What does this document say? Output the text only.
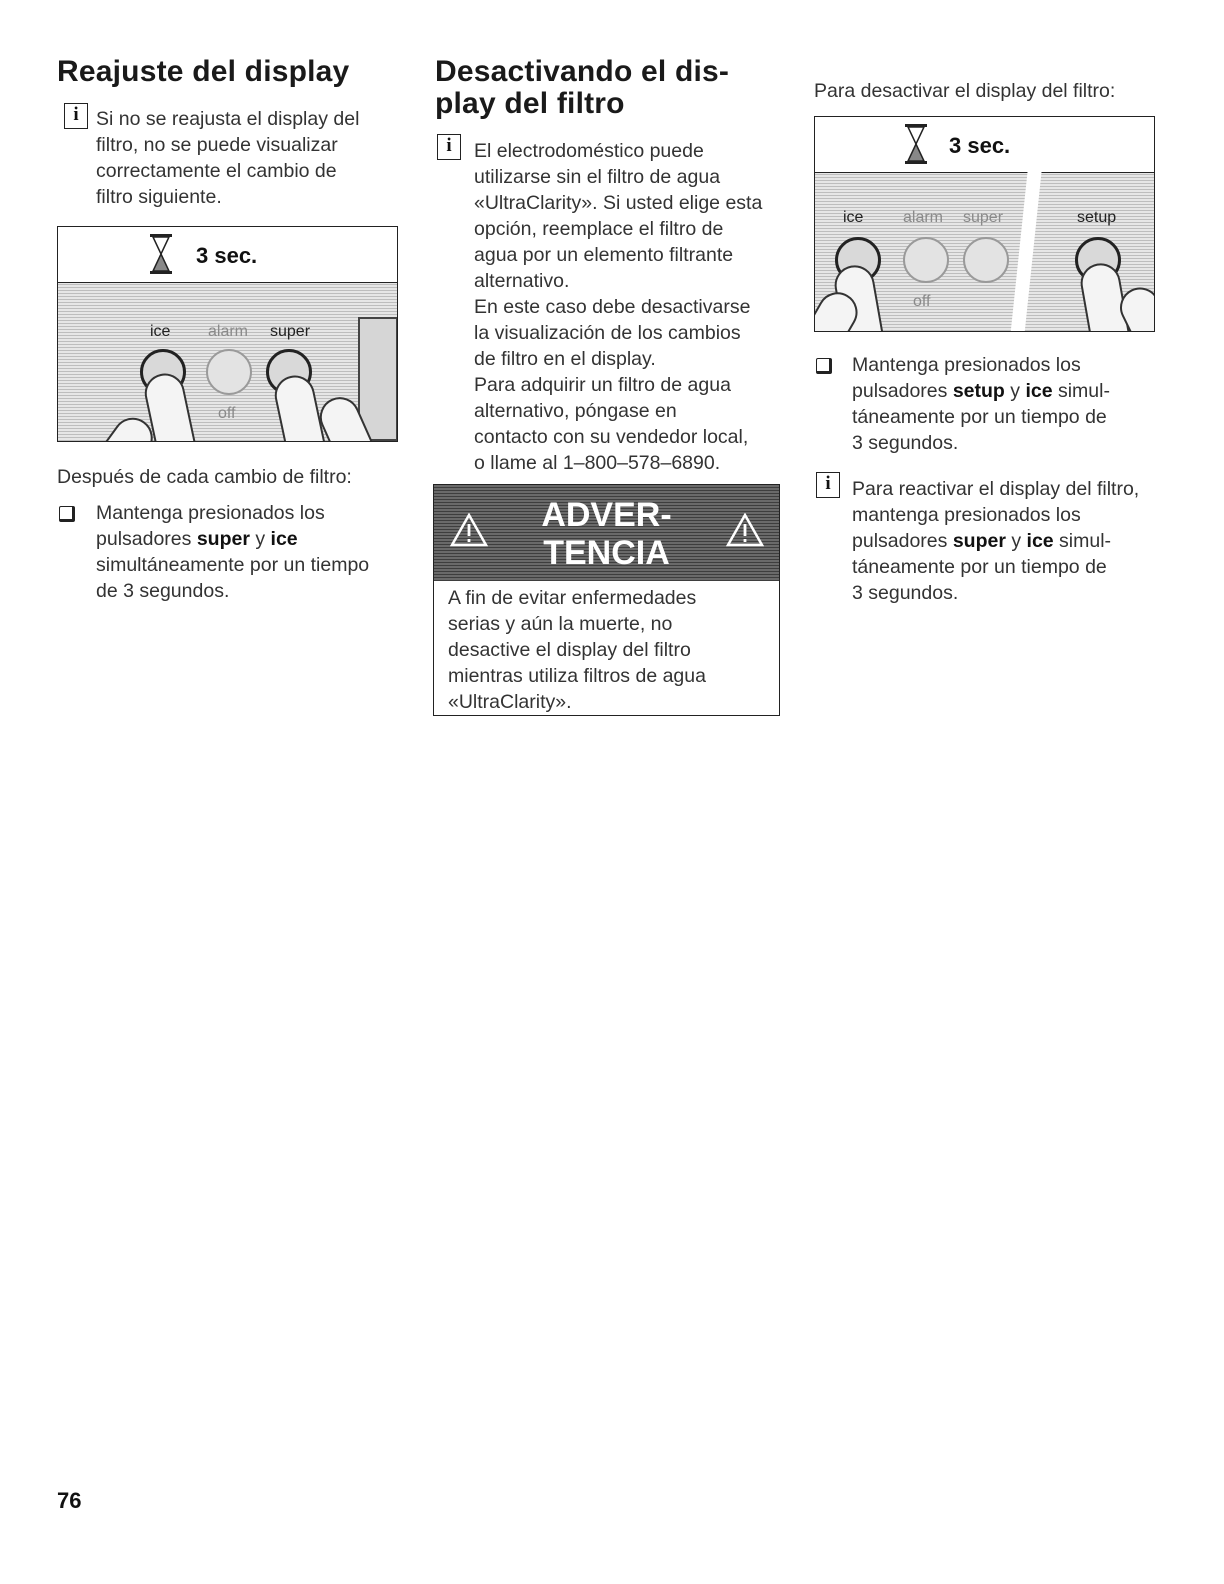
Reajuste del display
i Si no se reajusta el display del
filtro, no se puede visualizar
correctamente el cambio de
filtro siguiente.
3 sec.
ice alarm super
off
Después de cada cambio de filtro:
Mantenga presionados los
pulsadores super y ice
simultáneamente por un tiempo
de 3 segundos.
Desactivando el dis-
play del filtro
i	El electrodoméstico puede
utilizarse sin el filtro de agua
«UltraClarity». Si usted elige esta
opción, reemplace el filtro de
agua por un elemento filtrante
alternativo.
En este caso debe desactivarse
la visualización de los cambios
de filtro en el display.
Para adquirir un filtro de agua
alternativo, póngase en
contacto con su vendedor local,
o llame al 1–800–578–6890.
ADVER-
TENCIA
A fin de evitar enfermedades
serias y aún la muerte, no
desactive el display del filtro
mientras utiliza filtros de agua
«UltraClarity».
Para desactivar el display del filtro:
3 sec.
ice alarm super	setup
off
Mantenga presionados los
pulsadores setup y ice simul-
táneamente por un tiempo de
3 segundos.
i	Para reactivar el display del filtro,
mantenga presionados los
pulsadores super y ice simul-
táneamente por un tiempo de
3 segundos.
76
